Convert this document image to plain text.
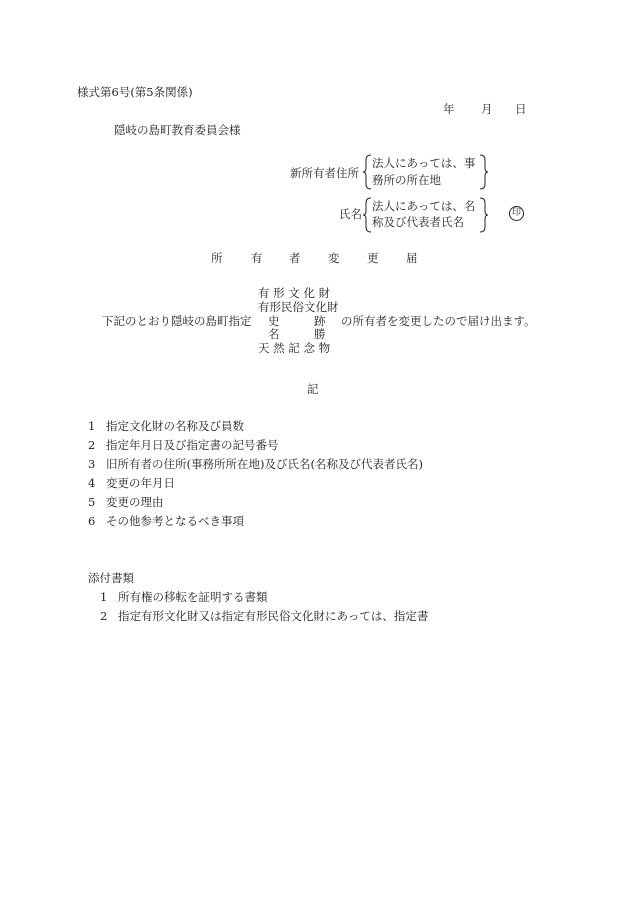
様式第6号(第5条関係)
年 月 日
隠岐の島町教育委員会様
新所有者住所
法人にあっては、事
務所の所在地
氏名
法人にあっては、名
称及び代表者氏名
印
所 有 者 変 更 届
有 形 文 化 財
有形民俗文化財
下記のとおり隠岐の島町指定 史　　　跡 の所有者を変更したので届け出ます。
名　　　勝
天 然 記 念 物
記
1 指定文化財の名称及び員数
2 指定年月日及び指定書の記号番号
3 旧所有者の住所(事務所所在地)及び氏名(名称及び代表者氏名)
4 変更の年月日
5 変更の理由
6 その他参考となるべき事項
添付書類
1 所有権の移転を証明する書類
2 指定有形文化財又は指定有形民俗文化財にあっては、指定書
